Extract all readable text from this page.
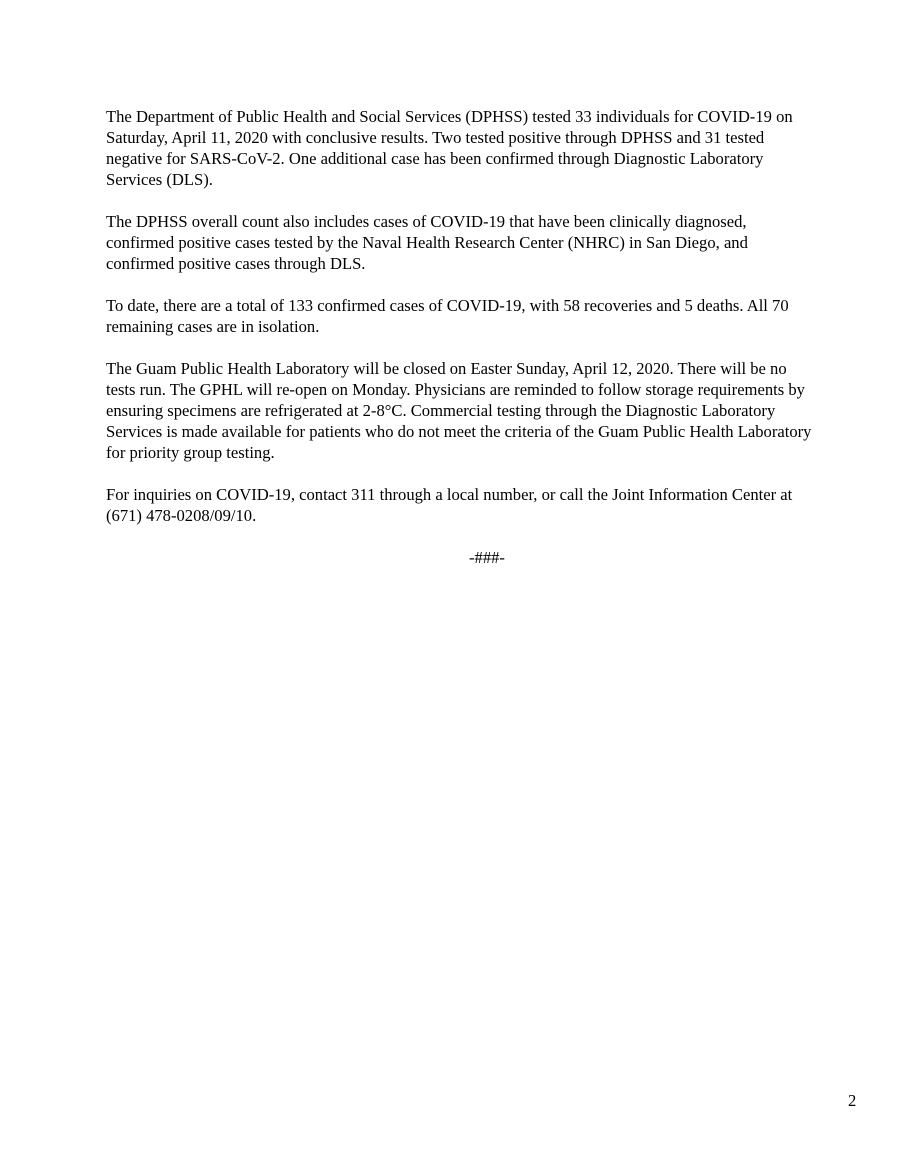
The Department of Public Health and Social Services (DPHSS) tested 33 individuals for COVID-19 on
Saturday, April 11, 2020 with conclusive results. Two tested positive through DPHSS and 31 tested
negative for SARS-CoV-2. One additional case has been confirmed through Diagnostic Laboratory
Services (DLS).

The DPHSS overall count also includes cases of COVID-19 that have been clinically diagnosed,
confirmed positive cases tested by the Naval Health Research Center (NHRC) in San Diego, and
confirmed positive cases through DLS.

To date, there are a total of 133 confirmed cases of COVID-19, with 58 recoveries and 5 deaths. All 70
remaining cases are in isolation.

The Guam Public Health Laboratory will be closed on Easter Sunday, April 12, 2020. There will be no
tests run. The GPHL will re-open on Monday. Physicians are reminded to follow storage requirements by
ensuring specimens are refrigerated at 2-8°C. Commercial testing through the Diagnostic Laboratory
Services is made available for patients who do not meet the criteria of the Guam Public Health Laboratory
for priority group testing.

For inquiries on COVID-19, contact 311 through a local number, or call the Joint Information Center at
(671) 478-0208/09/10.

-###-

2
